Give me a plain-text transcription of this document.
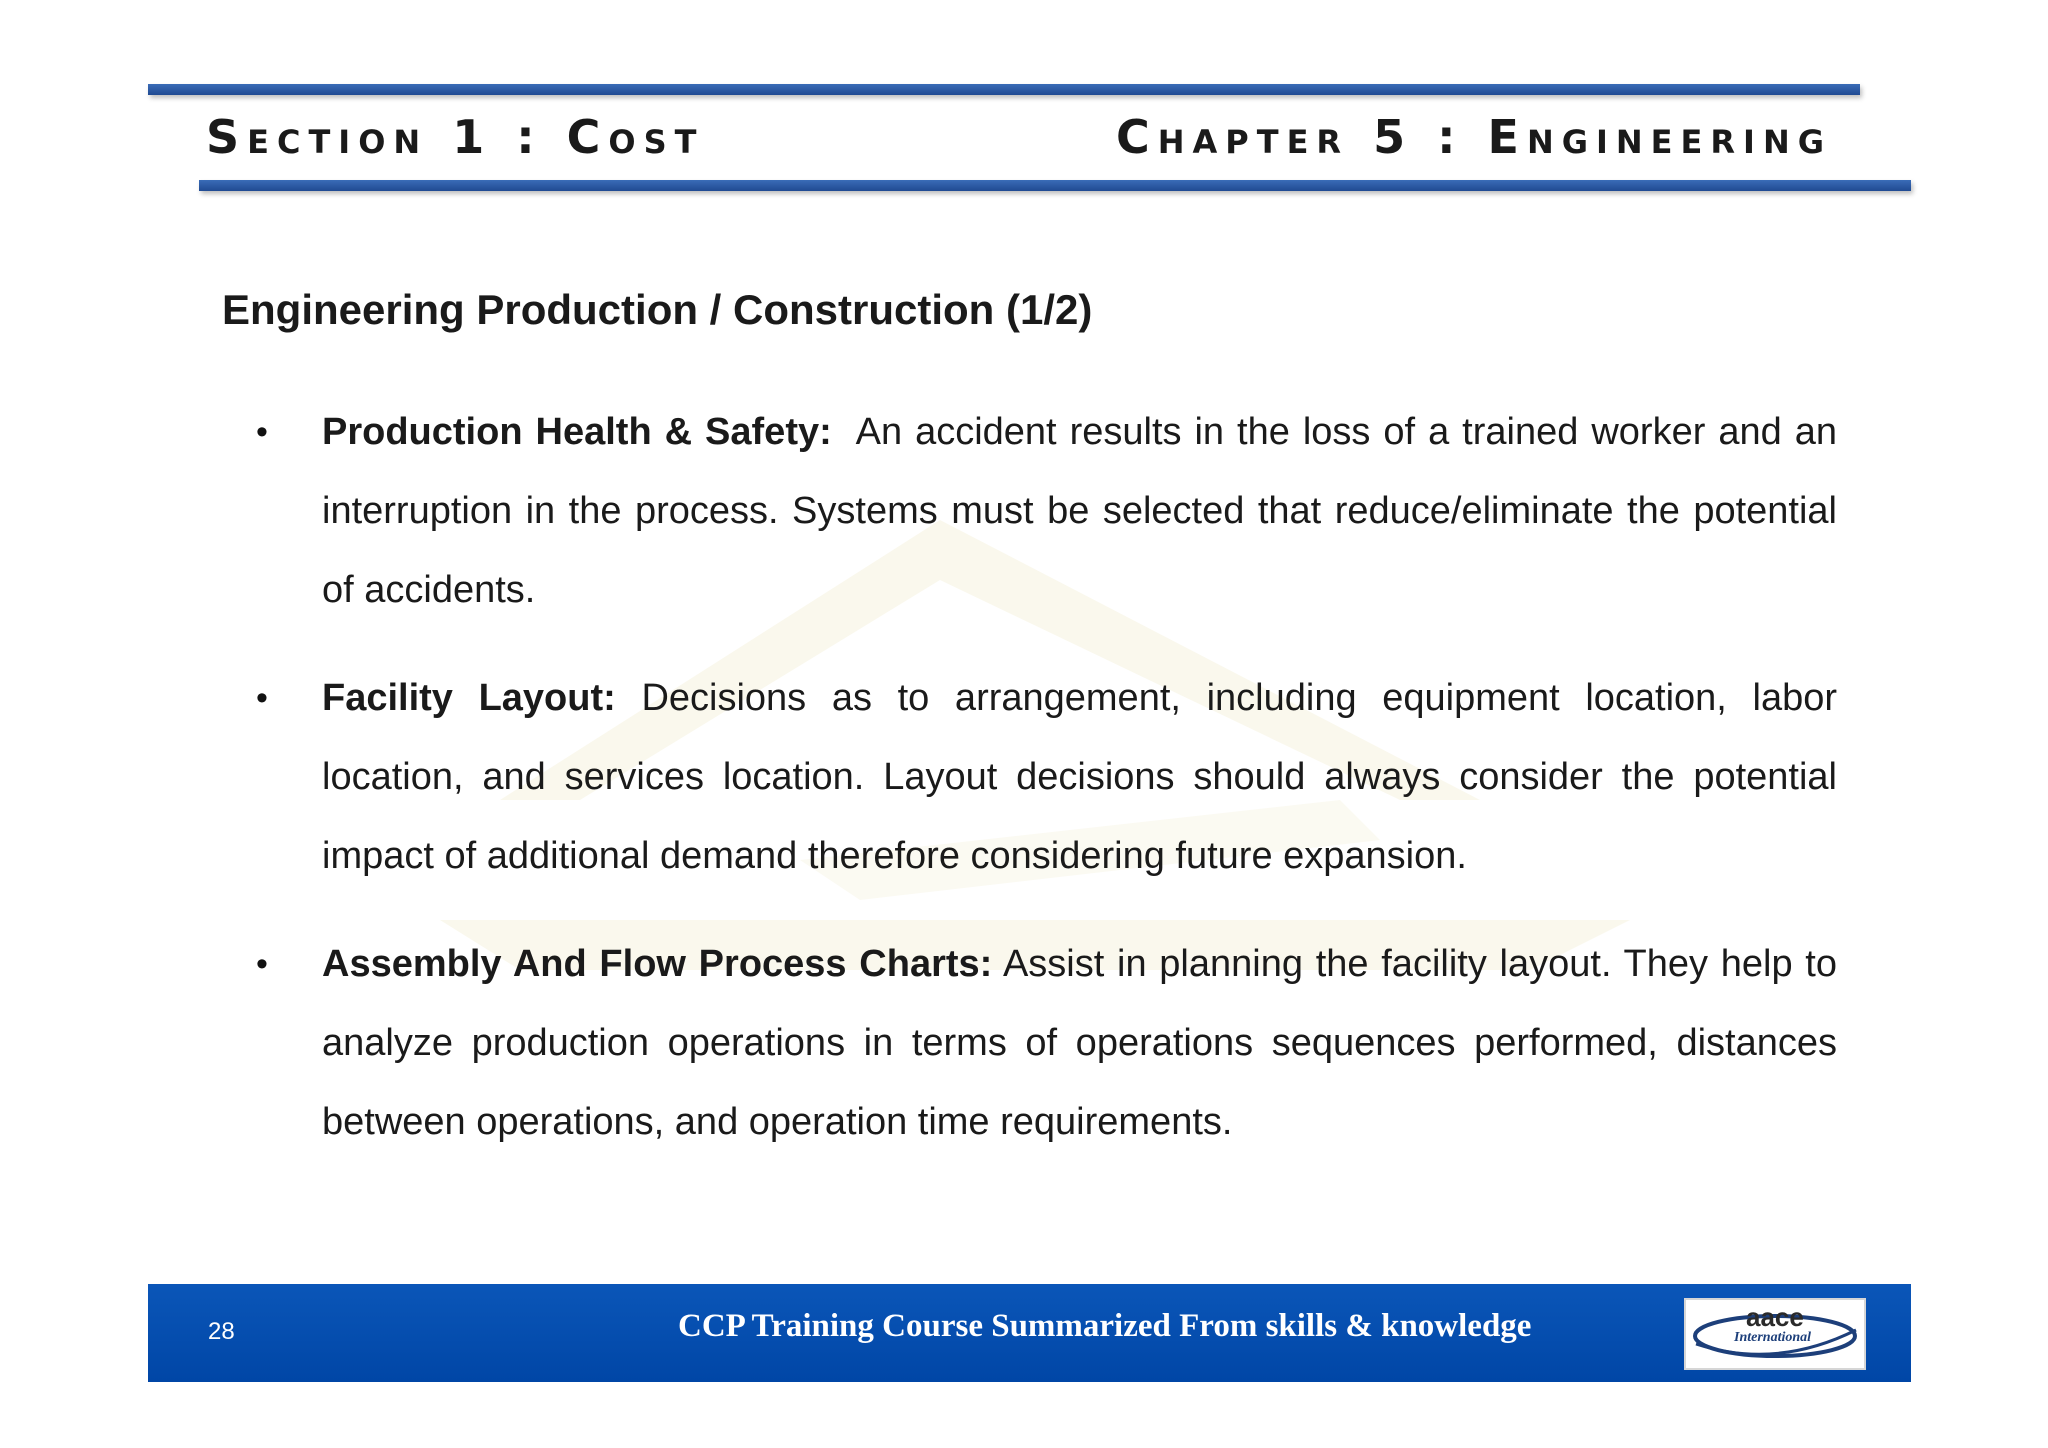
Section 1 : Cost	Chapter 5 : Engineering
Engineering Production / Construction (1/2)
• Production Health & Safety: An accident results in the loss of a trained worker and an interruption in the process. Systems must be selected that reduce/eliminate the potential of accidents.

• Facility Layout: Decisions as to arrangement, including equipment location, labor location, and services location. Layout decisions should always consider the potential impact of additional demand therefore considering future expansion.

• Assembly And Flow Process Charts: Assist in planning the facility layout. They help to analyze production operations in terms of operations sequences performed, distances between operations, and operation time requirements.

28	CCP Training Course Summarized From skills & knowledge	aace
International
